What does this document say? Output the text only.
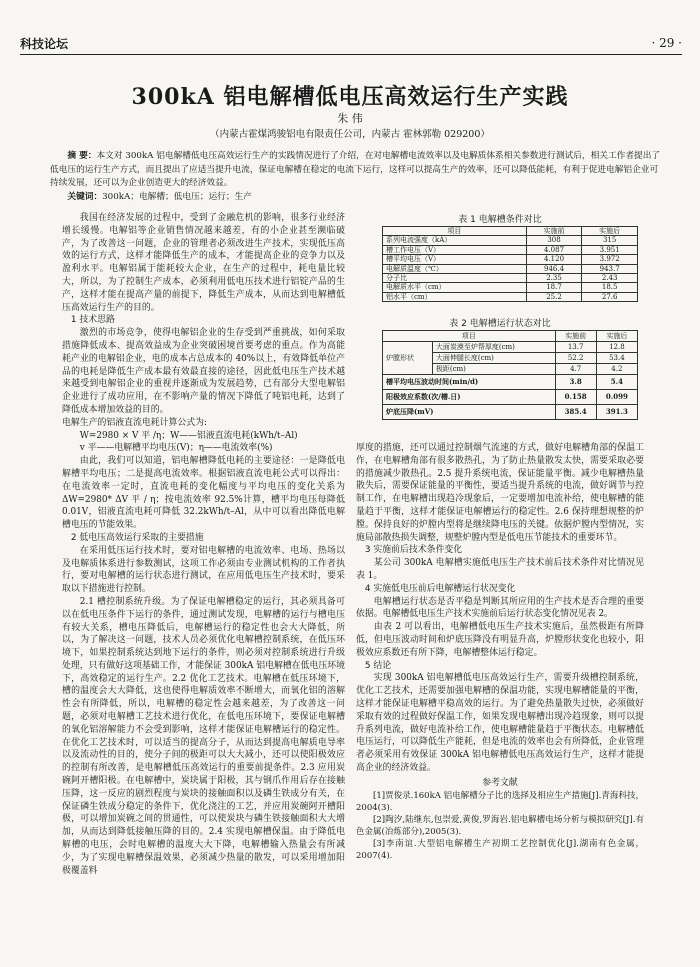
科技论坛	· 29 ·
300kA 铝电解槽低电压高效运行生产实践
朱 伟
（内蒙古霍煤鸿骏铝电有限责任公司，内蒙古 霍林郭勒 029200）
摘 要：本文对 300kA 铝电解槽低电压高效运行生产的实践情况进行了介绍，在对电解槽电流效率以及电解质体系相关参数进行测试后，相关工作者提出了低电压的运行生产方式，而且提出了应适当提升电流，保证电解槽在稳定的电流下运行，这样可以提高生产的效率，还可以降低能耗，有利于促进电解铝企业可持续发展，还可以为企业创造更大的经济效益。
关键词：300kA；电解槽；低电压；运行；生产

我国在经济发展的过程中，受到了金融危机的影响，很多行业经济增长缓慢。电解铝等企业销售情况越来越差，有的小企业甚至濒临破产，为了改善这一问题，企业的管理者必须改进生产技术，实现低压高效的运行方式，这样才能降低生产的成本，才能提高企业的竞争力以及盈利水平。电解铝属于能耗较大企业，在生产的过程中，耗电量比较大，所以，为了控制生产成本，必须利用低电压技术进行铝锭产品的生产，这样才能在提高产量的前提下，降低生产成本，从而达到电解槽低压高效运行生产的目的。

1 技术思路

激烈的市场竞争，使得电解铝企业的生存受到严重挑战，如何采取措施降低成本、提高效益成为企业突破困境首要考虑的重点。作为高能耗产业的电解铝企业，电的成本占总成本的 40%以上，有效降低单位产品的电耗是降低生产成本最有效最直接的途径，因此低电压生产技术越来越受到电解铝企业的重视并逐渐成为发展趋势，已有部分大型电解铝企业进行了成功应用，在不影响产量的情况下降低了吨铝电耗，达到了降低成本增加效益的目的。

电解生产的铝液直流电耗计算公式为:

W=2980 × V 平 /η；W——铝液直流电耗(kWh/t–Al)

v 平——电解槽平均电压(V)；η——电流效率(%)

由此，我们可以知道，铝电解槽降低电耗的主要途径：一是降低电解槽平均电压；二是提高电流效率。根据铝液直流电耗公式可以得出：在电流效率一定时，直流电耗的变化幅度与平均电压的变化关系为 ΔW=2980* ΔV 平 / η；按电流效率 92.5%计算，槽平均电压每降低 0.01V，铝液直流电耗可降低 32.2kWh/t–Al，从中可以看出降低电解槽电压的节能效果。

2 低电压高效运行采取的主要措施

在采用低压运行技术时，要对铝电解槽的电流效率、电场、热场以及电解质体系进行参数测试，这项工作必须由专业测试机构的工作者执行，要对电解槽的运行状态进行测试，在应用低电压生产技术时，要采取以下措施进行控制。

2.1 槽控制系统升级。为了保证电解槽稳定的运行，其必须具备可以在低电压条件下运行的条件，通过测试发现，电解槽的运行与槽电压有较大关系，槽电压降低后，电解槽运行的稳定性也会大大降低，所以，为了解决这一问题，技术人员必须优化电解槽控制系统，在低压环境下，如果控制系统达到地下运行的条件，则必须对控制系统进行升级处理，只有做好这项基础工作，才能保证 300kA 铝电解槽在低电压环境下，高效稳定的运行生产。2.2 优化工艺技术。电解槽在低压环境下，槽的温度会大大降低，这也使得电解质效率不断增大，而氧化铝的溶解性会有所降低，所以，电解槽的稳定性会越来越差，为了改善这一问题，必须对电解槽工艺技术进行优化，在低电压环境下，要保证电解槽的氧化铝溶解能力不会受到影响，这样才能保证电解槽运行的稳定性。在优化工艺技术时，可以适当的提高分子，从而达到提高电解质电导率以及流动性的目的，使分子间的极距可以大大减小，还可以使阳极效应的控制有所改善，是电解槽低压高效运行的重要前提条件。2.3 应用炭碗阿开槽阳极。在电解槽中，炭块属于阳极，其与钢爪作用后存在接触压降，这一反应的剧烈程度与炭块的接触面积以及磷生铁成分有关，在保证磷生铁成分稳定的条件下，优化浇注的工艺，并应用炭碗阿开槽阳极，可以增加炭碗之间的贯通性，可以使炭块与磷生铁接触面积大大增加，从而达到降低接触压降的目的。2.4 实现电解槽保温。由于降低电解槽的电压，会时电解槽的温度大大下降，电解槽输入热量会有所减少，为了实现电解槽保温效果，必须减少热量的散发，可以采用增加阳极覆盖料

表 1 电解槽条件对比
项目	实施前	实施后
系列电流强度（kA）	308	315
槽工作电压（V）	4.087	3.951
槽平均电压（V）	4.120	3.972
电解质温度（℃）	946.4	943.7
分子比	2.35	2.43
电解质水平（cm）	18.7	18.5
铝水平（cm）	25.2	27.6
表 2 电解槽运行状态对比
项目		实施前	实施后
炉膛形状	大面炭漠至炉帮厚度(cm)	13.7	12.8
	大面伸腿长度(cm)	52.2	53.4
	极距(cm)	4.7	4.2
槽平均电压波动时间(min/d)		3.8	5.4
阳极效应系数(次/槽.日)		0.158	0.099
炉底压降(mV)		385.4	391.3

厚度的措施，还可以通过控制烟气流速的方式，做好电解槽角部的保温工作，在电解槽角部有很多散热孔，为了防止热量散发太快，需要采取必要的措施减少散热孔。2.5 提升系统电流，保证能量平衡。减少电解槽热量散失后，需要保证能量的平衡性，要适当提升系统的电流，做好调节与控制工作，在电解槽出现趋冷现象后，一定要增加电流补给，使电解槽的能量趋于平衡，这样才能保证电解槽运行的稳定性。2.6 保持理想规整的炉膛。保持良好的炉膛内型将是继续降电压的关键。依据炉膛内型情况，实施局部散热损失调整，规整炉膛内型是低电压节能技术的重要环节。

3 实施前后技术条件变化

某公司 300kA 电解槽实施低电压生产技术前后技术条件对比情况见表 1。

4 实施低电压前后电解槽运行状况变化

电解槽运行状态是否平稳是判断其所应用的生产技术是否合理的重要依据。电解槽低电压生产技术实施前后运行状态变化情况见表 2。

由表 2 可以看出，电解槽低电压生产技术实施后，虽然极距有所降低，但电压波动时间和炉底压降没有明显升高，炉膛形状变化也较小，阳极效应系数还有所下降，电解槽整体运行稳定。

5 结论

实现 300kA 铝电解槽低电压高效运行生产，需要升级槽控制系统，优化工艺技术，还需要加强电解槽的保温功能，实现电解槽能量的平衡，这样才能保证电解槽平稳高效的运行。为了避免热量散失过快，必须做好采取有效的过程做好保温工作，如果发现电解槽出现冷趋现象，则可以提升系列电流，做好电流补给工作，使电解槽能量趋于平衡状态。电解槽低电压运行，可以降低生产能耗，但是电流的效率也会有所降低，企业管理者必须采用有效保证 300kA 铝电解槽低电压高效运行生产，这样才能提高企业的经济效益。

参考文献

[1]贾俊录.160kA 铝电解槽分子比的选择及相应生产措施[J].青海科技，2004(3).

[2]陶汐,陆继东,包崇爱,黄俊,罗海岩.铝电解槽电场分析与模拟研究[J].有色金属(冶炼部分),2005(3).

[3]李南谊.大型铝电解槽生产初期工艺控制优化[J].湖南有色金属，2007(4).
